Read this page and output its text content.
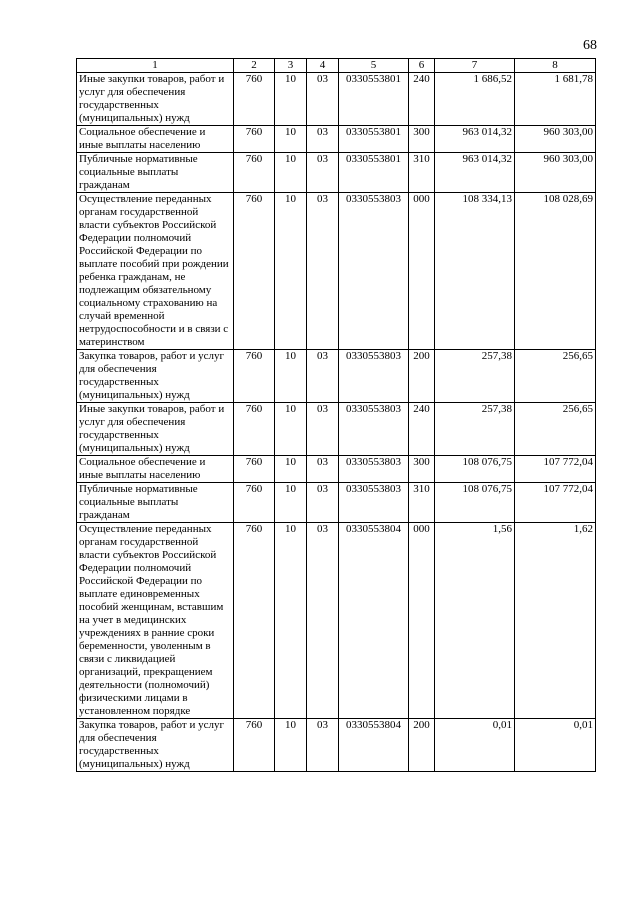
68
1	2	3	4	5	6	7	8
Иные закупки товаров, работ и услуг для обеспечения государственных (муниципальных) нужд	760	10	03	0330553801	240	1 686,52	1 681,78
Социальное обеспечение и иные выплаты населению	760	10	03	0330553801	300	963 014,32	960 303,00
Публичные нормативные социальные выплаты гражданам	760	10	03	0330553801	310	963 014,32	960 303,00
Осуществление переданных органам государственной власти субъектов Российской Федерации полномочий Российской Федерации по выплате пособий при рождении ребенка гражданам, не подлежащим обязательному социальному страхованию на случай временной нетрудоспособности и в связи с материнством	760	10	03	0330553803	000	108 334,13	108 028,69
Закупка товаров, работ и услуг для обеспечения государственных (муниципальных) нужд	760	10	03	0330553803	200	257,38	256,65
Иные закупки товаров, работ и услуг для обеспечения государственных (муниципальных) нужд	760	10	03	0330553803	240	257,38	256,65
Социальное обеспечение и иные выплаты населению	760	10	03	0330553803	300	108 076,75	107 772,04
Публичные нормативные социальные выплаты гражданам	760	10	03	0330553803	310	108 076,75	107 772,04
Осуществление переданных органам государственной власти субъектов Российской Федерации полномочий Российской Федерации по выплате единовременных пособий женщинам, вставшим на учет в медицинских учреждениях в ранние сроки беременности, уволенным в связи с ликвидацией организаций, прекращением деятельности (полномочий) физическими лицами в установленном порядке	760	10	03	0330553804	000	1,56	1,62
Закупка товаров, работ и услуг для обеспечения государственных (муниципальных) нужд	760	10	03	0330553804	200	0,01	0,01
